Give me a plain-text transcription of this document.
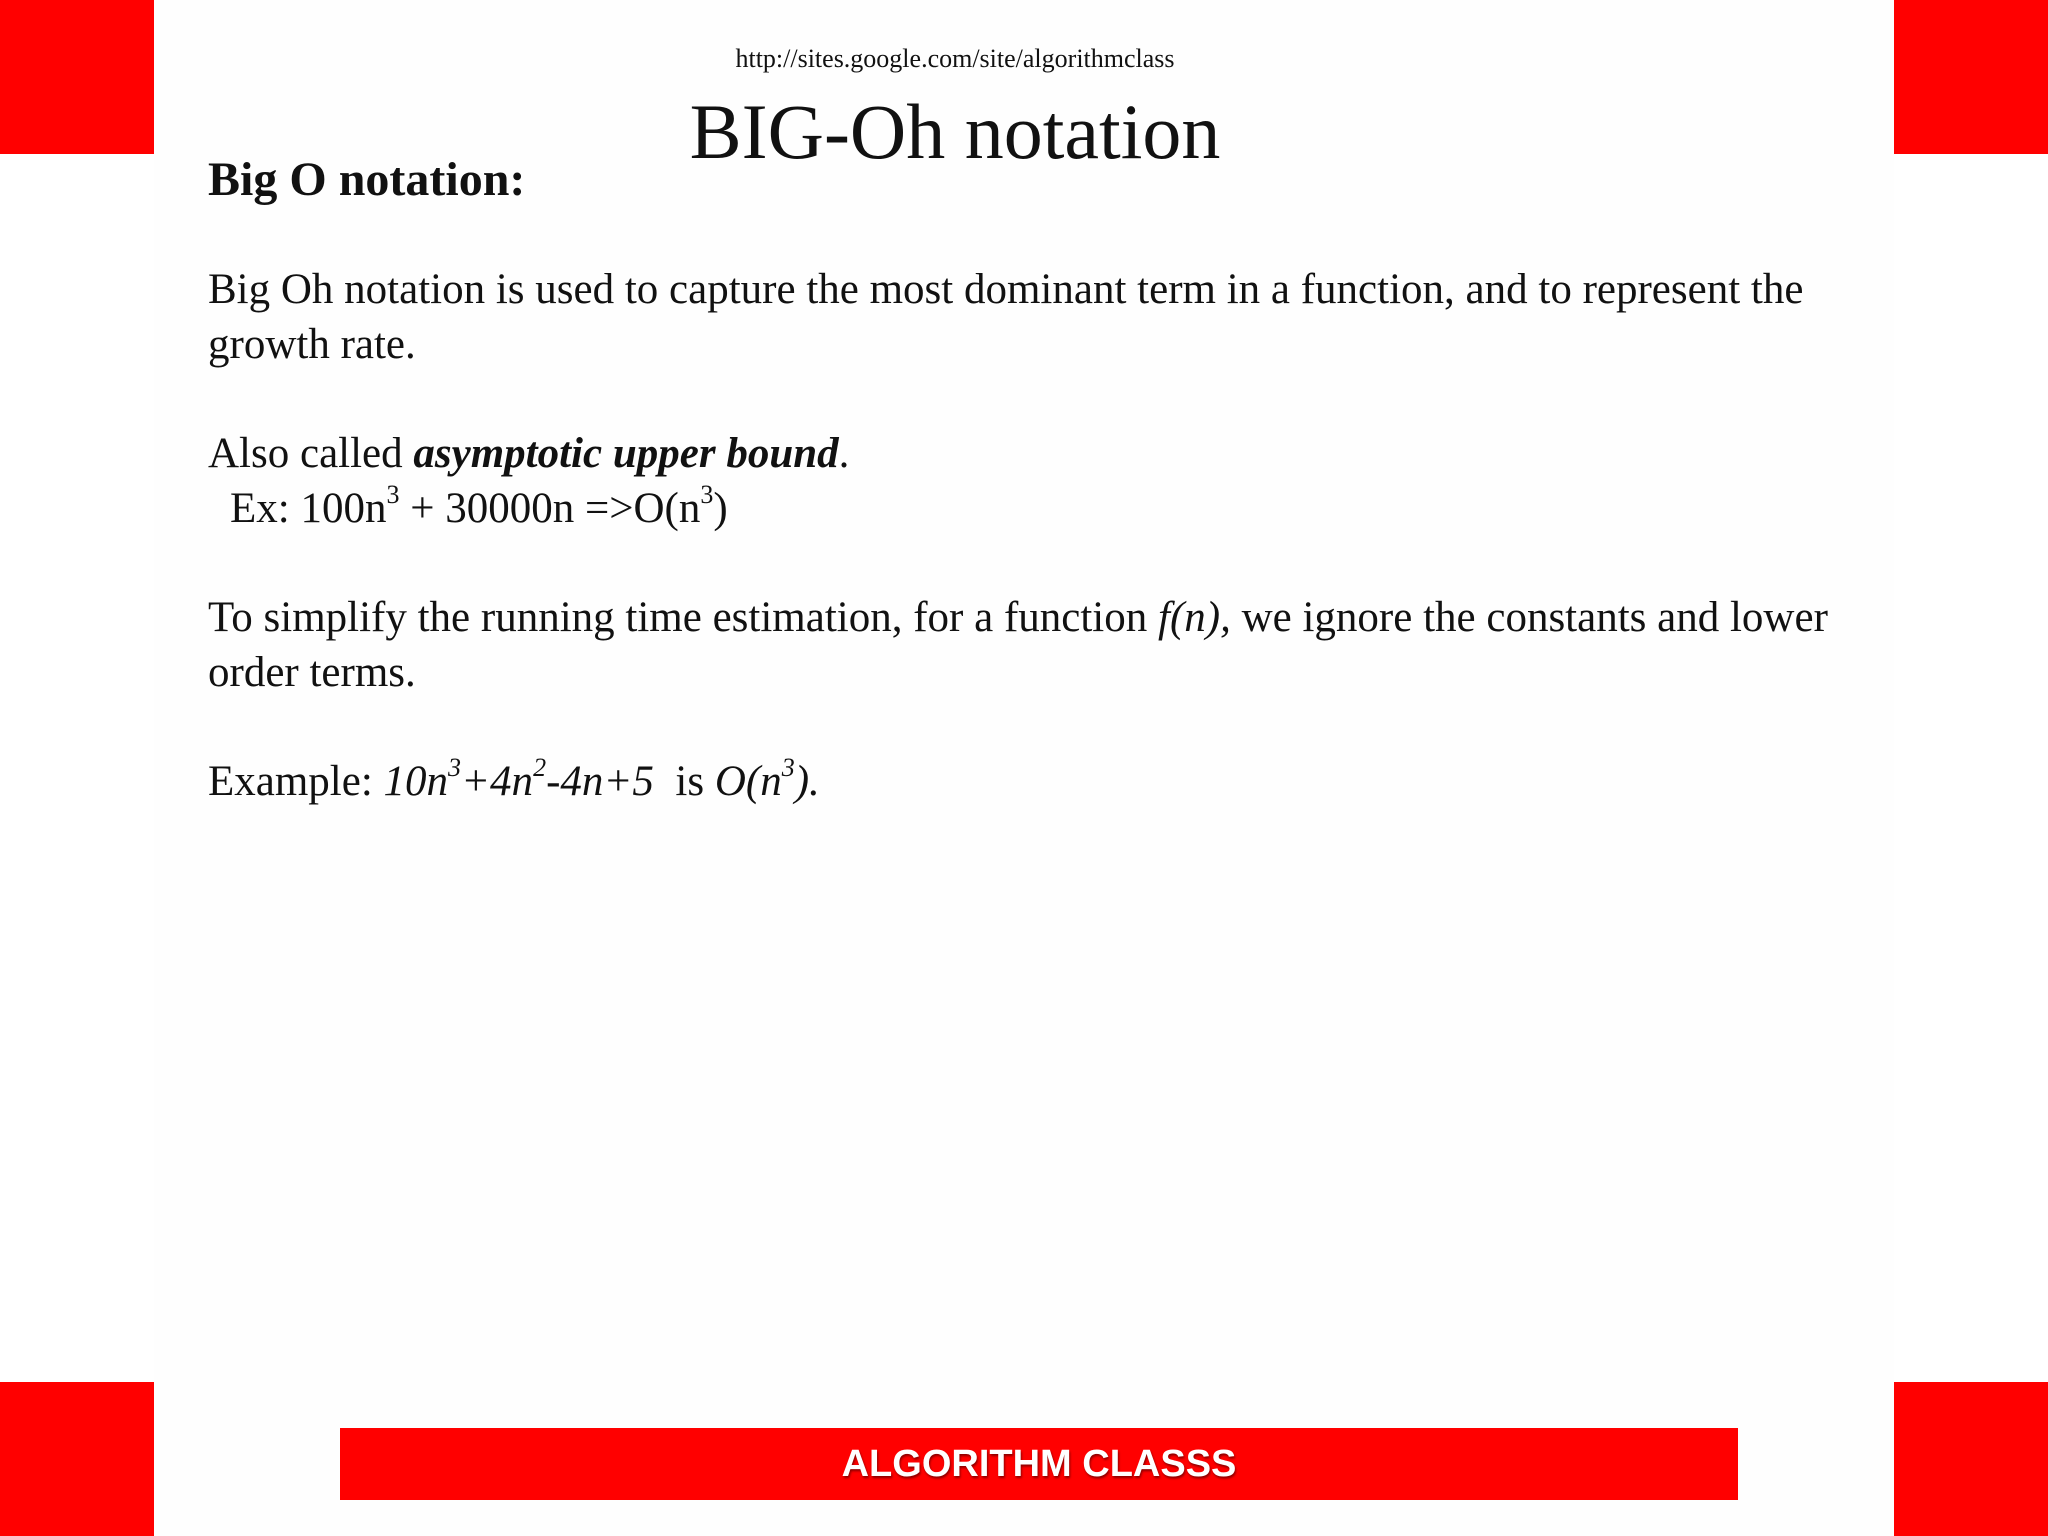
http://sites.google.com/site/algorithmclass
BIG-Oh notation
Big O notation:

Big Oh notation is used to capture the most dominant term in a function, and to represent the growth rate.

Also called asymptotic upper bound.

Ex: $100n^3 + 30000n =>O(n^3)$

To simplify the running time estimation, for a function f(n), we ignore the constants and lower order terms.

Example: $10n^3+4n^2-4n+5$  is $O(n^3)$.

ALGORITHM CLASSS
